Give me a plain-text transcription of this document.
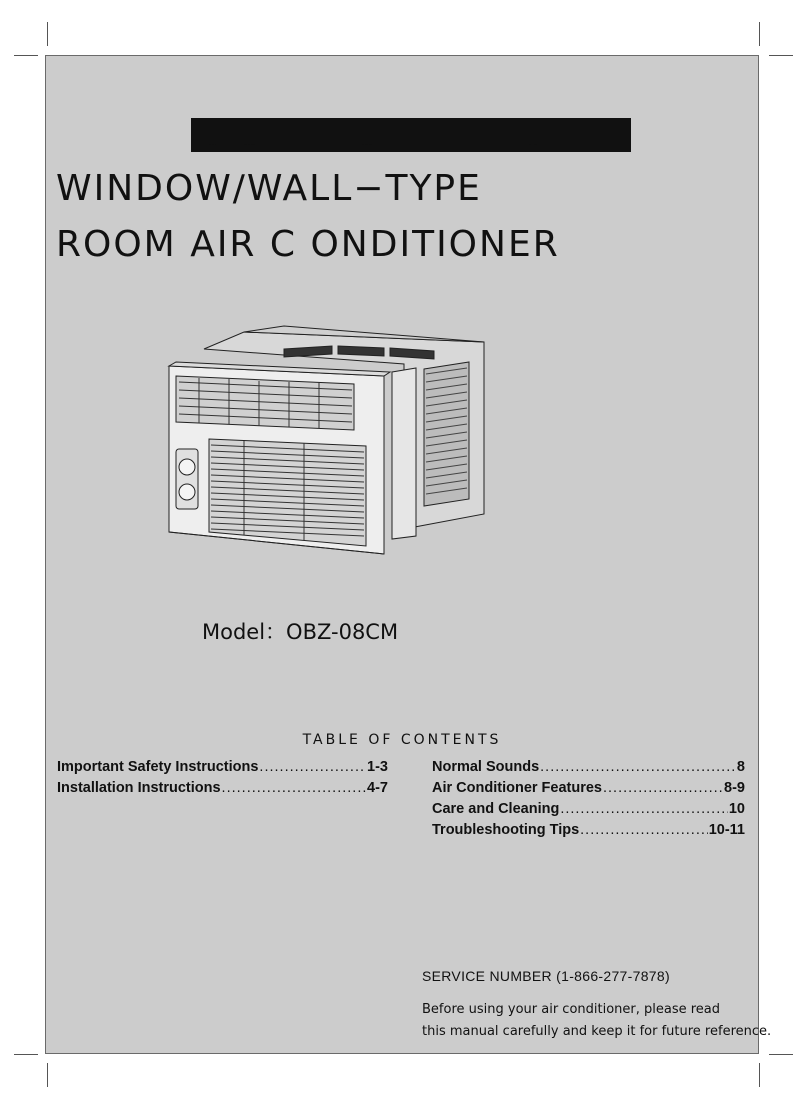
WINDOW/WALL−TYPE
ROOM AIR C ONDITIONER
Model：OBZ-08CM
TABLE OF CONTENTS
Important Safety Instructions .....	1-3
Installation Instructions .....	4-7
Normal Sounds .....	8
Air Conditioner Features .....	8-9
Care and Cleaning .....	10
Troubleshooting Tips .....	10-11
SERVICE NUMBER (1-866-277-7878)
Before using your air conditioner, please read
this manual carefully and keep it for future reference.
